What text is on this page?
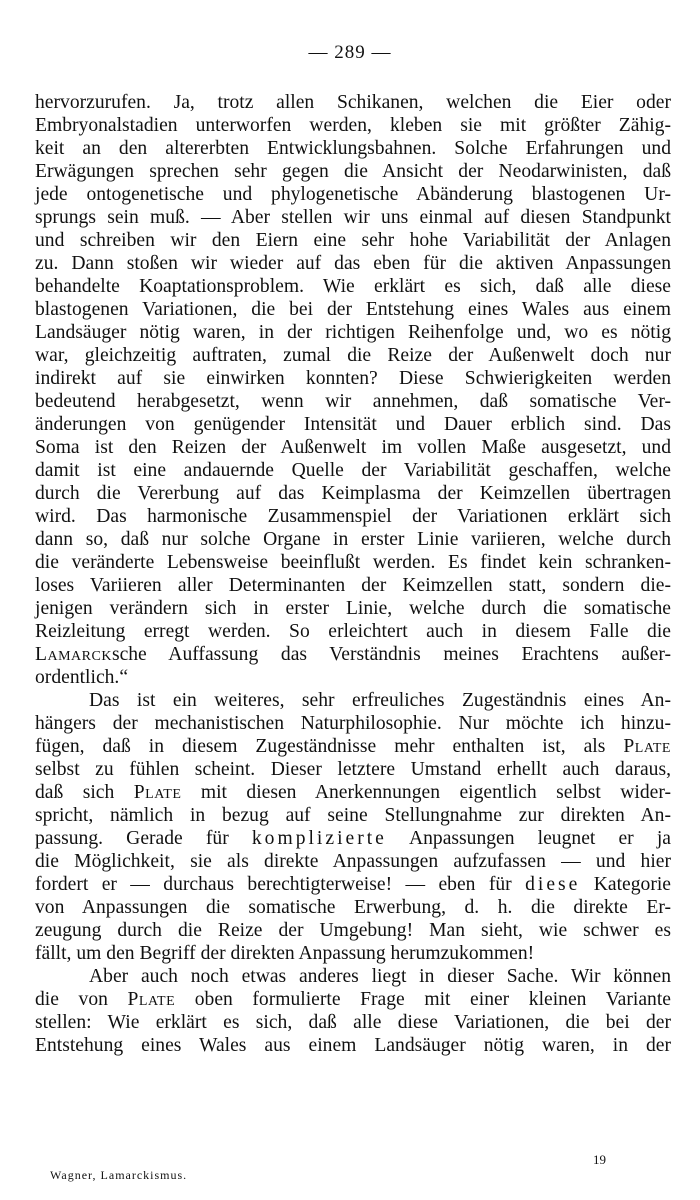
— 289 —
hervorzurufen. Ja, trotz allen Schikanen, welchen die Eier oder
Embryonalstadien unterworfen werden, kleben sie mit größter Zähig-
keit an den altererbten Entwicklungsbahnen. Solche Erfahrungen und
Erwägungen sprechen sehr gegen die Ansicht der Neodarwinisten, daß
jede ontogenetische und phylogenetische Abänderung blastogenen Ur-
sprungs sein muß. — Aber stellen wir uns einmal auf diesen Standpunkt
und schreiben wir den Eiern eine sehr hohe Variabilität der Anlagen
zu. Dann stoßen wir wieder auf das eben für die aktiven Anpassungen
behandelte Koaptationsproblem. Wie erklärt es sich, daß alle diese
blastogenen Variationen, die bei der Entstehung eines Wales aus einem
Landsäuger nötig waren, in der richtigen Reihenfolge und, wo es nötig
war, gleichzeitig auftraten, zumal die Reize der Außenwelt doch nur
indirekt auf sie einwirken konnten? Diese Schwierigkeiten werden
bedeutend herabgesetzt, wenn wir annehmen, daß somatische Ver-
änderungen von genügender Intensität und Dauer erblich sind. Das
Soma ist den Reizen der Außenwelt im vollen Maße ausgesetzt, und
damit ist eine andauernde Quelle der Variabilität geschaffen, welche
durch die Vererbung auf das Keimplasma der Keimzellen übertragen
wird. Das harmonische Zusammenspiel der Variationen erklärt sich
dann so, daß nur solche Organe in erster Linie variieren, welche durch
die veränderte Lebensweise beeinflußt werden. Es findet kein schranken-
loses Variieren aller Determinanten der Keimzellen statt, sondern die-
jenigen verändern sich in erster Linie, welche durch die somatische
Reizleitung erregt werden. So erleichtert auch in diesem Falle die
Lamarcksche Auffassung das Verständnis meines Erachtens außer-
ordentlich.“
Das ist ein weiteres, sehr erfreuliches Zugeständnis eines An-
hängers der mechanistischen Naturphilosophie. Nur möchte ich hinzu-
fügen, daß in diesem Zugeständnisse mehr enthalten ist, als Plate
selbst zu fühlen scheint. Dieser letztere Umstand erhellt auch daraus,
daß sich Plate mit diesen Anerkennungen eigentlich selbst wider-
spricht, nämlich in bezug auf seine Stellungnahme zur direkten An-
passung. Gerade für komplizierte Anpassungen leugnet er ja
die Möglichkeit, sie als direkte Anpassungen aufzufassen — und hier
fordert er — durchaus berechtigterweise! — eben für diese Kategorie
von Anpassungen die somatische Erwerbung, d. h. die direkte Er-
zeugung durch die Reize der Umgebung! Man sieht, wie schwer es
fällt, um den Begriff der direkten Anpassung herumzukommen!
Aber auch noch etwas anderes liegt in dieser Sache. Wir können
die von Plate oben formulierte Frage mit einer kleinen Variante
stellen: Wie erklärt es sich, daß alle diese Variationen, die bei der
Entstehung eines Wales aus einem Landsäuger nötig waren, in der
19
Wagner, Lamarckismus.
